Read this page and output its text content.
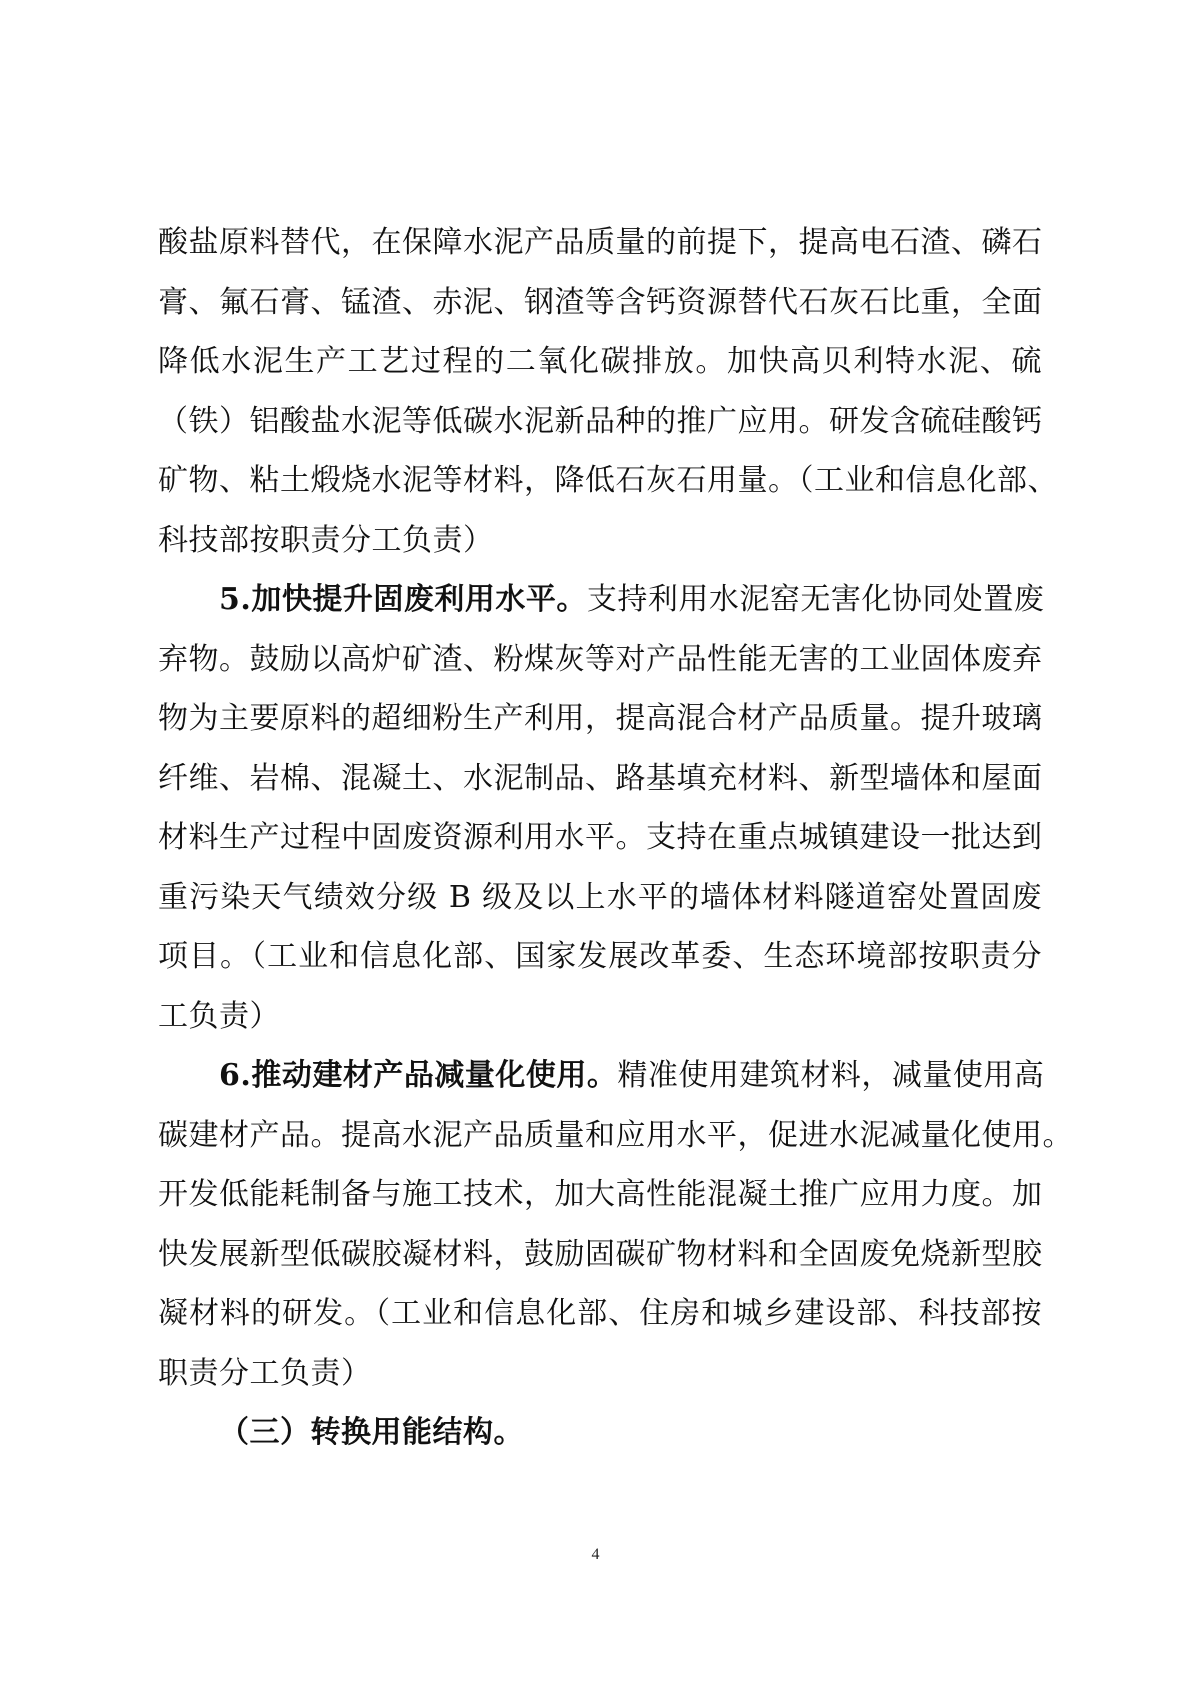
酸盐原料替代，在保障水泥产品质量的前提下，提高电石渣、磷石
膏、氟石膏、锰渣、赤泥、钢渣等含钙资源替代石灰石比重，全面
降低水泥生产工艺过程的二氧化碳排放。加快高贝利特水泥、硫
（铁）铝酸盐水泥等低碳水泥新品种的推广应用。研发含硫硅酸钙
矿物、粘土煅烧水泥等材料，降低石灰石用量。（工业和信息化部、
科技部按职责分工负责）
5.加快提升固废利用水平。支持利用水泥窑无害化协同处置废
弃物。鼓励以高炉矿渣、粉煤灰等对产品性能无害的工业固体废弃
物为主要原料的超细粉生产利用，提高混合材产品质量。提升玻璃
纤维、岩棉、混凝土、水泥制品、路基填充材料、新型墙体和屋面
材料生产过程中固废资源利用水平。支持在重点城镇建设一批达到
重污染天气绩效分级 B 级及以上水平的墙体材料隧道窑处置固废
项目。（工业和信息化部、国家发展改革委、生态环境部按职责分
工负责）
6.推动建材产品减量化使用。精准使用建筑材料，减量使用高
碳建材产品。提高水泥产品质量和应用水平，促进水泥减量化使用。
开发低能耗制备与施工技术，加大高性能混凝土推广应用力度。加
快发展新型低碳胶凝材料，鼓励固碳矿物材料和全固废免烧新型胶
凝材料的研发。（工业和信息化部、住房和城乡建设部、科技部按
职责分工负责）
（三）转换用能结构。
4
